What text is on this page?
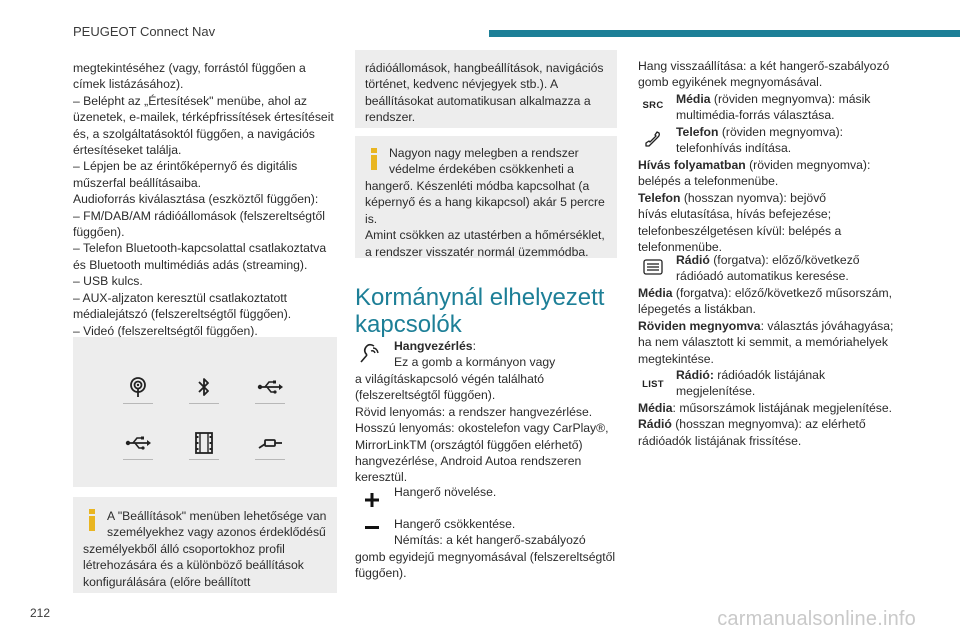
PEUGEOT Connect Nav
megtekintéséhez (vagy, forrástól függően a
címek listázásához).
– Belépht az „Értesítések" menübe, ahol az
üzenetek, e-mailek, térképfrissítések értesítéseit
és, a szolgáltatásoktól függően, a navigációs
értesítéseket találja.
– Lépjen be az érintőképernyő és digitális
műszerfal beállításaiba.
Audioforrás kiválasztása (eszköztől függően):
– FM/DAB/AM rádióállomások (felszereltségtől
függően).
– Telefon Bluetooth-kapcsolattal csatlakoztatva
és Bluetooth multimédiás adás (streaming).
– USB kulcs.
– AUX-aljzaton keresztül csatlakoztatott
médialejátszó (felszereltségtől függően).
– Videó (felszereltségtől függően).
A "Beállítások" menüben lehetősége van
személyekhez vagy azonos érdeklődésű
személyekből álló csoportokhoz profil
létrehozására és a különböző beállítások
konfigurálására (előre beállított
rádióállomások, hangbeállítások, navigációs
történet, kedvenc névjegyek stb.). A
beállításokat automatikusan alkalmazza a
rendszer.
Nagyon nagy melegben a rendszer
védelme érdekében csökkenheti a
hangerő. Készenléti módba kapcsolhat (a
képernyő és a hang kikapcsol) akár 5 percre
is.
Amint csökken az utastérben a hőmérséklet,
a rendszer visszatér normál üzemmódba.
Kormánynál elhelyezett
kapcsolók
Hangvezérlés:
Ez a gomb a kormányon vagy
a világításkapcsoló végén található
(felszereltségtől függően).
Rövid lenyomás: a rendszer hangvezérlése.
Hosszú lenyomás: okostelefon vagy CarPlay®,
MirrorLinkTM (országtól függően elérhető)
hangvezérlése, Android Autoa rendszeren
keresztül.
Hangerő növelése.
Hangerő csökkentése.
Némítás: a két hangerő-szabályozó
gomb egyidejű megnyomásával (felszereltségtől
függően).
Hang visszaállítása: a két hangerő-szabályozó
gomb egyikének megnyomásával.
SRC Média (röviden megnyomva): másik
multimédia-forrás választása.
Telefon (röviden megnyomva):
telefonhívás indítása.
Hívás folyamatban (röviden megnyomva):
belépés a telefonmenübe.
Telefon (hosszan nyomva): bejövő
hívás elutasítása, hívás befejezése;
telefonbeszélgetésen kívül: belépés a
telefonmenübe.
Rádió (forgatva): előző/következő
rádióadó automatikus keresése.
Média (forgatva): előző/következő műsorszám,
lépegetés a listákban.
Röviden megnyomva: választás jóváhagyása;
ha nem választott ki semmit, a memóriahelyek
megtekintése.
LIST
Rádió: rádióadók listájának
megjelenítése.
Média: műsorszámok listájának megjelenítése.
Rádió (hosszan megnyomva): az elérhető
rádióadók listájának frissítése.
212	carmanualsonline.info
